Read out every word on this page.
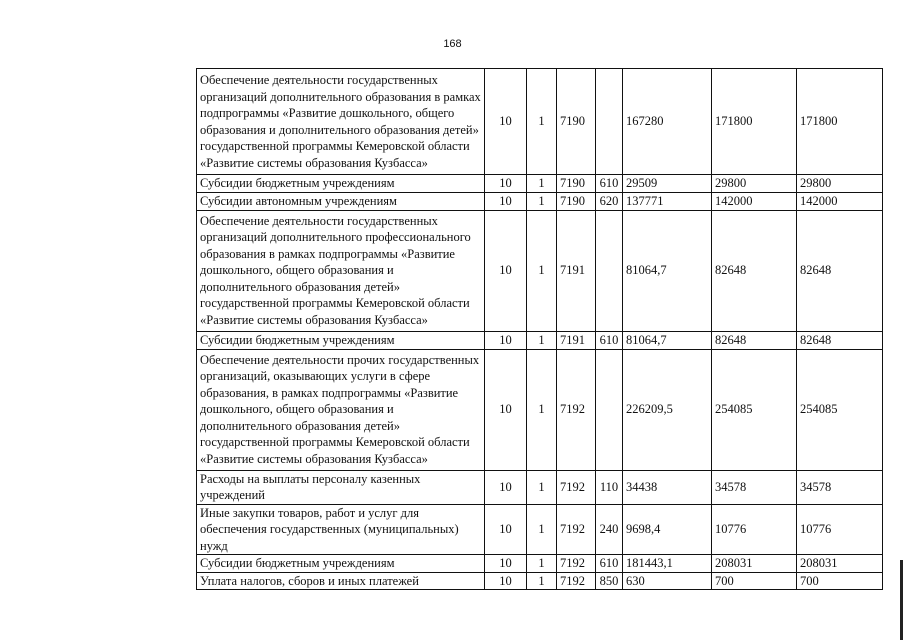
168
Обеспечение деятельности государственных организаций дополнительного образования в рамках подпрограммы «Развитие дошкольного, общего образования и дополнительного образования детей» государственной программы Кемеровской области «Развитие системы образования Кузбасса»	10	1	7190		167280	171800	171800
Субсидии бюджетным учреждениям	10	1	7190	610	29509	29800	29800
Субсидии автономным учреждениям	10	1	7190	620	137771	142000	142000
Обеспечение деятельности государственных организаций дополнительного профессионального образования в рамках подпрограммы «Развитие дошкольного, общего образования и дополнительного образования детей» государственной программы Кемеровской области «Развитие системы образования Кузбасса»	10	1	7191		81064,7	82648	82648
Субсидии бюджетным учреждениям	10	1	7191	610	81064,7	82648	82648
Обеспечение деятельности прочих государственных организаций, оказывающих услуги в сфере образования, в рамках подпрограммы «Развитие дошкольного, общего образования и дополнительного образования детей» государственной программы Кемеровской области «Развитие системы образования Кузбасса»	10	1	7192		226209,5	254085	254085
Расходы на выплаты персоналу казенных учреждений	10	1	7192	110	34438	34578	34578
Иные закупки товаров, работ и услуг для обеспечения государственных (муниципальных) нужд	10	1	7192	240	9698,4	10776	10776
Субсидии бюджетным учреждениям	10	1	7192	610	181443,1	208031	208031
Уплата налогов, сборов и иных платежей	10	1	7192	850	630	700	700
